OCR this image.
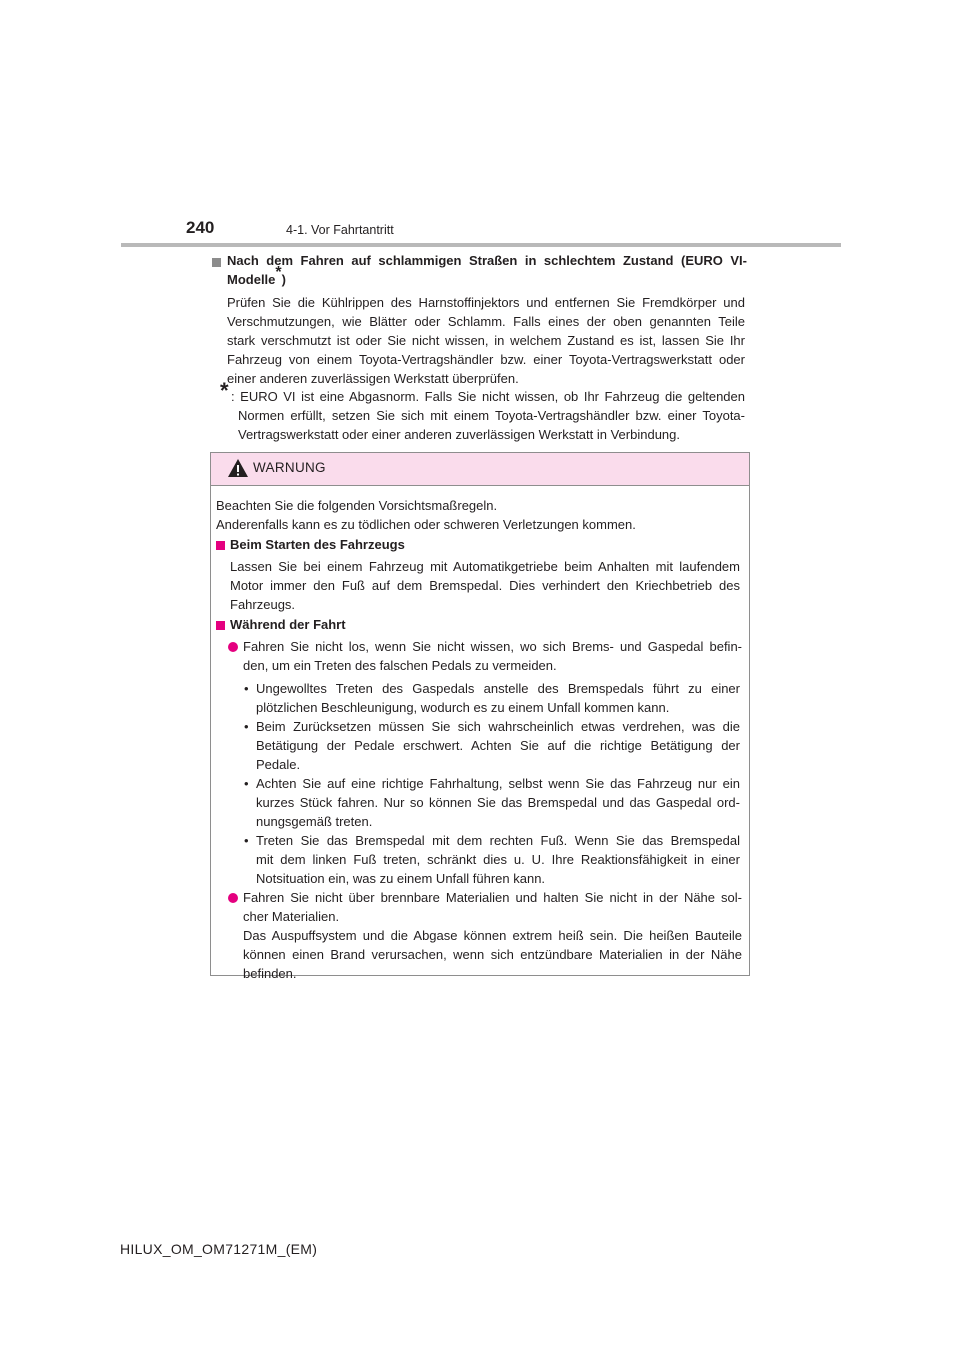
240	4-1. Vor Fahrtantritt
Nach dem Fahren auf schlammigen Straßen in schlechtem Zustand (EURO VI-
Modelle*)
Prüfen Sie die Kühlrippen des Harnstoffinjektors und entfernen Sie Fremdkörper und
Verschmutzungen, wie Blätter oder Schlamm. Falls eines der oben genannten Teile
stark verschmutzt ist oder Sie nicht wissen, in welchem Zustand es ist, lassen Sie Ihr
Fahrzeug von einem Toyota-Vertragshändler bzw. einer Toyota-Vertragswerkstatt oder
einer anderen zuverlässigen Werkstatt überprüfen.
* : EURO VI ist eine Abgasnorm. Falls Sie nicht wissen, ob Ihr Fahrzeug die geltenden
Normen erfüllt, setzen Sie sich mit einem Toyota-Vertragshändler bzw. einer Toyota-
Vertragswerkstatt oder einer anderen zuverlässigen Werkstatt in Verbindung.
WARNUNG
Beachten Sie die folgenden Vorsichtsmaßregeln.
Anderenfalls kann es zu tödlichen oder schweren Verletzungen kommen.
Beim Starten des Fahrzeugs
Lassen Sie bei einem Fahrzeug mit Automatikgetriebe beim Anhalten mit laufendem
Motor immer den Fuß auf dem Bremspedal. Dies verhindert den Kriechbetrieb des
Fahrzeugs.
Während der Fahrt
Fahren Sie nicht los, wenn Sie nicht wissen, wo sich Brems- und Gaspedal befin-
den, um ein Treten des falschen Pedals zu vermeiden.
• Ungewolltes Treten des Gaspedals anstelle des Bremspedals führt zu einer
plötzlichen Beschleunigung, wodurch es zu einem Unfall kommen kann.
• Beim Zurücksetzen müssen Sie sich wahrscheinlich etwas verdrehen, was die
Betätigung der Pedale erschwert. Achten Sie auf die richtige Betätigung der
Pedale.
• Achten Sie auf eine richtige Fahrhaltung, selbst wenn Sie das Fahrzeug nur ein
kurzes Stück fahren. Nur so können Sie das Bremspedal und das Gaspedal ord-
nungsgemäß treten.
• Treten Sie das Bremspedal mit dem rechten Fuß. Wenn Sie das Bremspedal
mit dem linken Fuß treten, schränkt dies u. U. Ihre Reaktionsfähigkeit in einer
Notsituation ein, was zu einem Unfall führen kann.
Fahren Sie nicht über brennbare Materialien und halten Sie nicht in der Nähe sol-
cher Materialien.
Das Auspuffsystem und die Abgase können extrem heiß sein. Die heißen Bauteile
können einen Brand verursachen, wenn sich entzündbare Materialien in der Nähe
befinden.
HILUX_OM_OM71271M_(EM)
